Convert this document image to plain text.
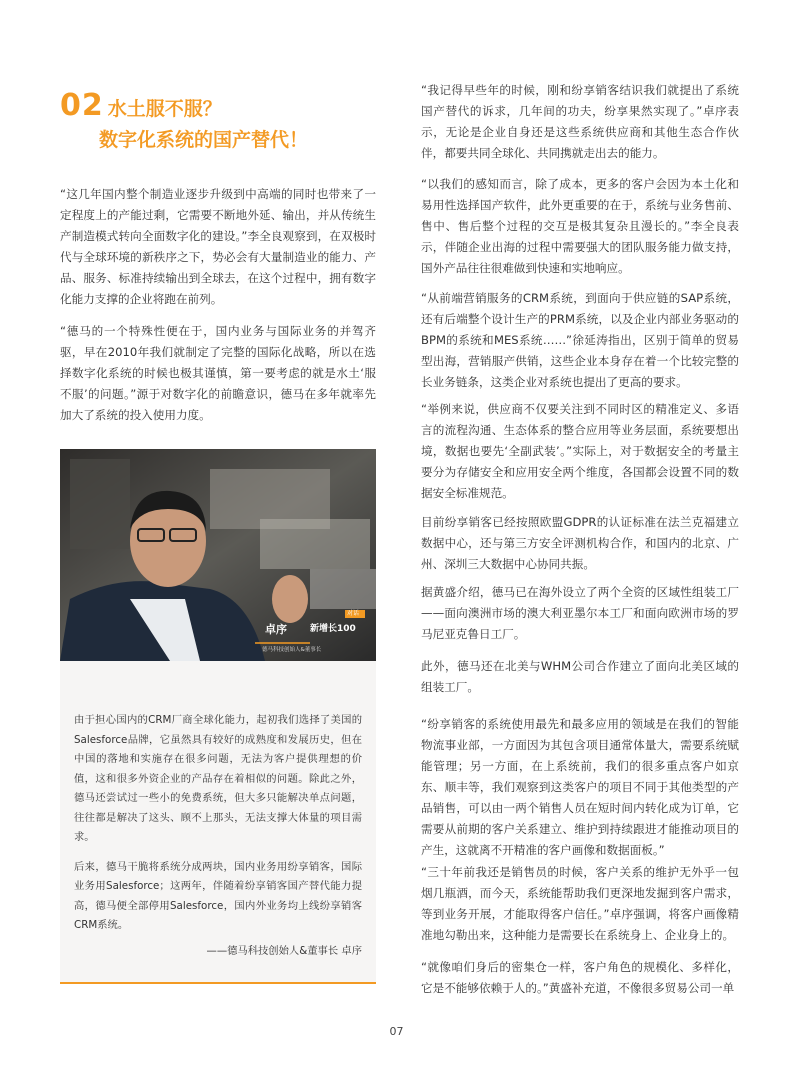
02 水土服不服？
数字化系统的国产替代！

“这几年国内整个制造业逐步升级到中高端的同时也带来了一定程度上的产能过剩，它需要不断地外延、输出，并从传统生产制造模式转向全面数字化的建设。”李全良观察到，在双极时代与全球环境的新秩序之下，势必会有大量制造业的能力、产品、服务、标准持续输出到全球去，在这个过程中，拥有数字化能力支撑的企业将跑在前列。

“德马的一个特殊性便在于，国内业务与国际业务的并驾齐驱，早在2010年我们就制定了完整的国际化战略，所以在选择数字化系统的时候也极其谨慎，第一要考虑的就是水土‘服不服’的问题。”源于对数字化的前瞻意识，德马在多年就率先加大了系统的投入使用力度。

卓序	新增长100
对话
德马科技创始人&董事长

由于担心国内的CRM厂商全球化能力，起初我们选择了美国的Salesforce品牌，它虽然具有较好的成熟度和发展历史，但在中国的落地和实施存在很多问题，无法为客户提供理想的价值，这和很多外资企业的产品存在着相似的问题。除此之外，德马还尝试过一些小的免费系统，但大多只能解决单点问题，往往都是解决了这头、顾不上那头，无法支撑大体量的项目需求。

后来，德马干脆将系统分成两块，国内业务用纷享销客，国际业务用Salesforce；这两年，伴随着纷享销客国产替代能力提高，德马便全部停用Salesforce，国内外业务均上线纷享销客CRM系统。

——德马科技创始人&董事长 卓序

“我记得早些年的时候，刚和纷享销客结识我们就提出了系统国产替代的诉求，几年间的功夫，纷享果然实现了。”卓序表示，无论是企业自身还是这些系统供应商和其他生态合作伙伴，都要共同全球化、共同携就走出去的能力。

“以我们的感知而言，除了成本，更多的客户会因为本土化和易用性选择国产软件，此外更重要的在于，系统与业务售前、售中、售后整个过程的交互是极其复杂且漫长的。”李全良表示，伴随企业出海的过程中需要强大的团队服务能力做支持，国外产品往往很难做到快速和实地响应。

“从前端营销服务的CRM系统，到面向于供应链的SAP系统，还有后端整个设计生产的PRM系统，以及企业内部业务驱动的BPM的系统和MES系统……”徐延涛指出，区别于简单的贸易型出海，营销服产供销，这些企业本身存在着一个比较完整的长业务链条，这类企业对系统也提出了更高的要求。

“举例来说，供应商不仅要关注到不同时区的精准定义、多语言的流程沟通、生态体系的整合应用等业务层面，系统要想出境，数据也要先‘全副武装’。”实际上，对于数据安全的考量主要分为存储安全和应用安全两个维度，各国都会设置不同的数据安全标准规范。

目前纷享销客已经按照欧盟GDPR的认证标准在法兰克福建立数据中心，还与第三方安全评测机构合作，和国内的北京、广州、深圳三大数据中心协同共振。

据黄盛介绍，德马已在海外设立了两个全资的区域性组装工厂——面向澳洲市场的澳大利亚墨尔本工厂和面向欧洲市场的罗马尼亚克鲁日工厂。

此外，德马还在北美与WHM公司合作建立了面向北美区域的组装工厂。

“纷享销客的系统使用最先和最多应用的领域是在我们的智能物流事业部，一方面因为其包含项目通常体量大，需要系统赋能管理；另一方面，在上系统前，我们的很多重点客户如京东、顺丰等，我们观察到这类客户的项目不同于其他类型的产品销售，可以由一两个销售人员在短时间内转化成为订单，它需要从前期的客户关系建立、维护到持续跟进才能推动项目的产生，这就离不开精准的客户画像和数据面板。”

“三十年前我还是销售员的时候，客户关系的维护无外乎一包烟几瓶酒，而今天，系统能帮助我们更深地发掘到客户需求，等到业务开展，才能取得客户信任。”卓序强调，将客户画像精准地勾勒出来，这种能力是需要长在系统身上、企业身上的。

“就像咱们身后的密集仓一样，客户角色的规模化、多样化，它是不能够依赖于人的。”黄盛补充道，不像很多贸易公司一单

07
